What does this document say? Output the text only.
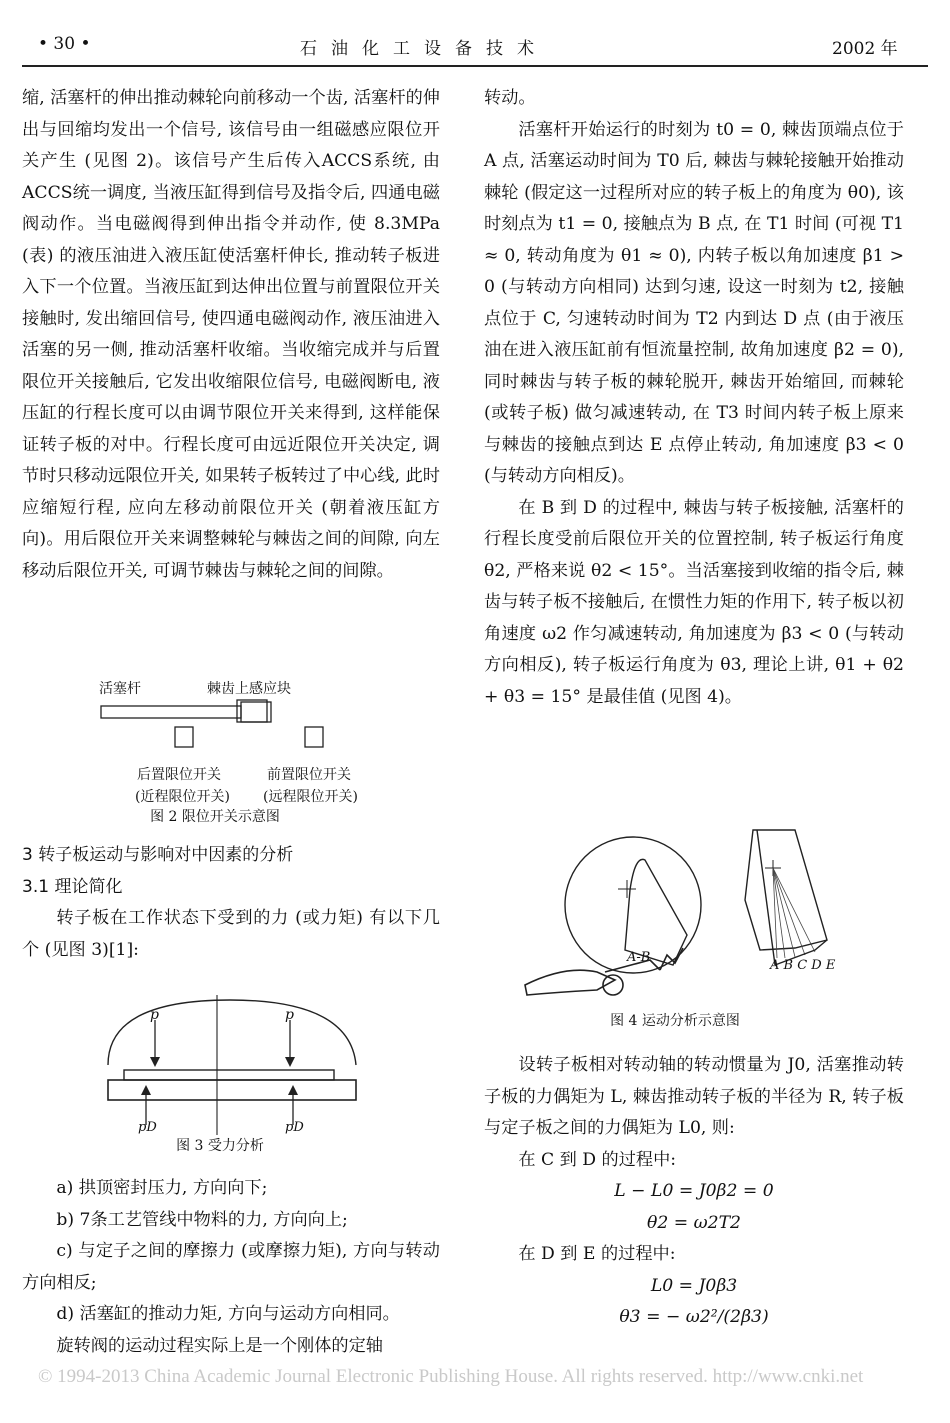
• 30 •	石油化工设备技术	2002 年

缩, 活塞杆的伸出推动棘轮向前移动一个齿, 活塞杆的伸出与回缩均发出一个信号, 该信号由一组磁感应限位开关产生 (见图 2)。该信号产生后传入ACCS系统, 由ACCS统一调度, 当液压缸得到信号及指令后, 四通电磁阀动作。当电磁阀得到伸出指令并动作, 使 8.3MPa (表) 的液压油进入液压缸使活塞杆伸长, 推动转子板进入下一个位置。当液压缸到达伸出位置与前置限位开关接触时, 发出缩回信号, 使四通电磁阀动作, 液压油进入活塞的另一侧, 推动活塞杆收缩。当收缩完成并与后置限位开关接触后, 它发出收缩限位信号, 电磁阀断电, 液压缸的行程长度可以由调节限位开关来得到, 这样能保证转子板的对中。行程长度可由远近限位开关决定, 调节时只移动远限位开关, 如果转子板转过了中心线, 此时应缩短行程, 应向左移动前限位开关 (朝着液压缸方向)。用后限位开关来调整棘轮与棘齿之间的间隙, 向左移动后限位开关, 可调节棘齿与棘轮之间的间隙。

活塞杆	棘齿上感应块
后置限位开关
(近程限位开关)
前置限位开关
(远程限位开关)
图 2 限位开关示意图

3 转子板运动与影响对中因素的分析

3.1 理论简化

转子板在工作状态下受到的力 (或力矩) 有以下几个 (见图 3)[1]:

p	p
pD	pD
图 3 受力分析

a) 拱顶密封压力, 方向向下;

b) 7条工艺管线中物料的力, 方向向上;

c) 与定子之间的摩擦力 (或摩擦力矩), 方向与转动方向相反;

d) 活塞缸的推动力矩, 方向与运动方向相同。

旋转阀的运动过程实际上是一个刚体的定轴

转动。

活塞杆开始运行的时刻为 t0 = 0, 棘齿顶端点位于 A 点, 活塞运动时间为 T0 后, 棘齿与棘轮接触开始推动棘轮 (假定这一过程所对应的转子板上的角度为 θ0), 该时刻点为 t1 = 0, 接触点为 B 点, 在 T1 时间 (可视 T1 ≈ 0, 转动角度为 θ1 ≈ 0), 内转子板以角加速度 β1 > 0 (与转动方向相同) 达到匀速, 设这一时刻为 t2, 接触点位于 C, 匀速转动时间为 T2 内到达 D 点 (由于液压油在进入液压缸前有恒流量控制, 故角加速度 β2 = 0), 同时棘齿与转子板的棘轮脱开, 棘齿开始缩回, 而棘轮 (或转子板) 做匀减速转动, 在 T3 时间内转子板上原来与棘齿的接触点到达 E 点停止转动, 角加速度 β3 < 0 (与转动方向相反)。

在 B 到 D 的过程中, 棘齿与转子板接触, 活塞杆的行程长度受前后限位开关的位置控制, 转子板运行角度 θ2, 严格来说 θ2 < 15°。当活塞接到收缩的指令后, 棘齿与转子板不接触后, 在惯性力矩的作用下, 转子板以初角速度 ω2 作匀减速转动, 角加速度为 β3 < 0 (与转动方向相反), 转子板运行角度为 θ3, 理论上讲, θ1 + θ2 + θ3 = 15° 是最佳值 (见图 4)。

A-B
A B C D E
图 4 运动分析示意图

设转子板相对转动轴的转动惯量为 J0, 活塞推动转子板的力偶矩为 L, 棘齿推动转子板的半径为 R, 转子板与定子板之间的力偶矩为 L0, 则:

在 C 到 D 的过程中:

L − L0 = J0β2 = 0

θ2 = ω2T2

在 D 到 E 的过程中:

L0 = J0β3

θ3 = − ω2²/(2β3)

© 1994-2013 China Academic Journal Electronic Publishing House. All rights reserved. http://www.cnki.net
